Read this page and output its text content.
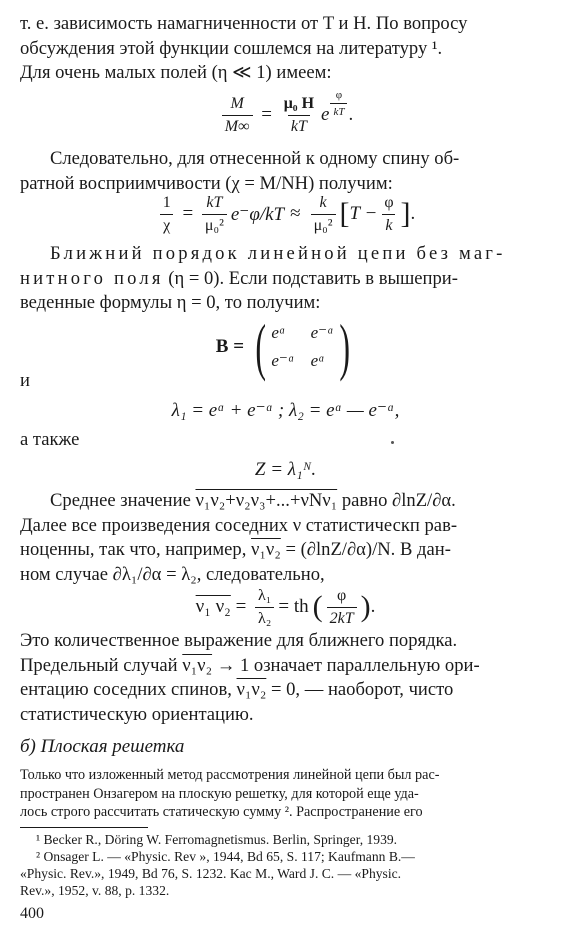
т. е. зависимость намагниченности от T и H. По вопросу
обсуждения этой функции сошлемся на литературу ¹.
Для очень малых полей (η ≪ 1) имеем:

$\frac{M}{M\infty} = \frac{\text{μ₀ H}}{kT}$ e $\frac{\varphi}{kT}$ .

Следовательно, для отнесенной к одному спину об-
ратной восприимчивости (χ = M/NH) получим:

$\frac{1}{\chi} = \frac{kT}{\text{μ₀²}} e^-\varphi/kT \approx \frac{k}{\text{μ₀²}}$ [ $T - \frac{\varphi}{k}$ ] .

Ближний порядок линейной цепи без маг-
нитного поля (η = 0). Если подставить в вышепри-
веденные формулы η = 0, то получим:

B = ( eᵅ	e⁻ᵅ
e⁻ᵅ eᵅ )
и
λ₁ = eᵅ + e⁻ᵅ ; λ₂ = eᵅ — e⁻ᵅ,
а также
Z = λ₁ᴺ.

Среднее значение ν₁ν₂+ν₂ν₃+...+νNν₁ равно ∂lnZ/∂α.
Далее все произведения соседних ν статистическп рав-
ноценны, так что, например, ν₁ν₂ = (∂lnZ/∂α)/N. В дан-
ном случае ∂λ₁/∂α = λ₂, следовательно,

ν₁ $\nu_2 = \frac{\text{λ₁}}{\text{λ₂}}$ = th ( $\frac{\varphi}{2kT}$ ) .

Это количественное выражение для ближнего порядка.
Предельный случай ν₁ν₂ → 1 означает параллельную ори-
ентацию соседних спинов, ν₁ν₂ = 0, — наоборот, чисто
статистическую ориентацию.

б) Плоская решетка

Только что изложенный метод рассмотрения линейной цепи был рас-
пространен Онзагером на плоскую решетку, для которой еще уда-
лось строго рассчитать статическую сумму ². Распространение его

¹ Becker R., Döring W. Ferromagnetismus. Berlin, Springer, 1939.
² Onsager L. — «Physic. Rev », 1944, Bd 65, S. 117; Kaufmann B.—
«Physic. Rev.», 1949, Bd 76, S. 1232. Kac M., Ward J. C. — «Physic.
Rev.», 1952, v. 88, p. 1332.

400
